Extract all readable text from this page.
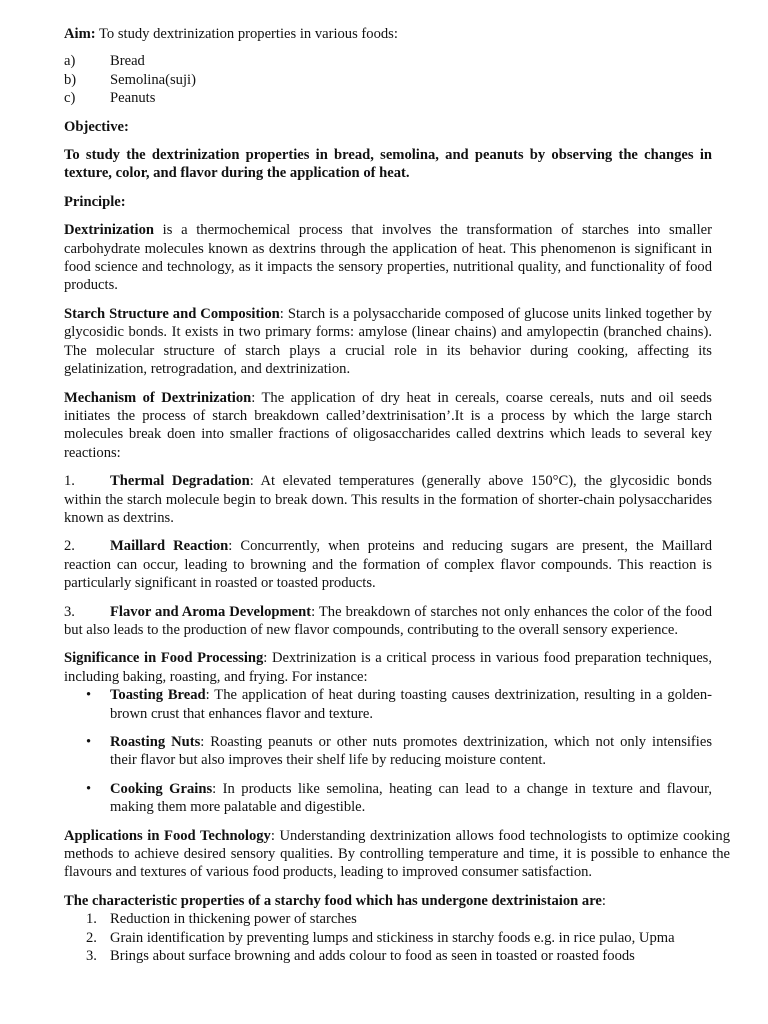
Aim: To study dextrinization properties in various foods:

a)	Bread
b)	Semolina(suji)
c)	Peanuts

Objective:

To study the dextrinization properties in bread, semolina, and peanuts by observing the changes in texture, color, and flavor during the application of heat.

Principle:

Dextrinization is a thermochemical process that involves the transformation of starches into smaller carbohydrate molecules known as dextrins through the application of heat. This phenomenon is significant in food science and technology, as it impacts the sensory properties, nutritional quality, and functionality of food products.

Starch Structure and Composition: Starch is a polysaccharide composed of glucose units linked together by glycosidic bonds. It exists in two primary forms: amylose (linear chains) and amylopectin (branched chains). The molecular structure of starch plays a crucial role in its behavior during cooking, affecting its gelatinization, retrogradation, and dextrinization.

Mechanism of Dextrinization: The application of dry heat in cereals, coarse cereals, nuts and oil seeds initiates the process of starch breakdown called’dextrinisation’.It is a process by which the large starch molecules break doen into smaller fractions of oligosaccharides called dextrins which leads to several key reactions:

1. Thermal Degradation: At elevated temperatures (generally above 150°C), the glycosidic bonds within the starch molecule begin to break down. This results in the formation of shorter-chain polysaccharides known as dextrins.

2. Maillard Reaction: Concurrently, when proteins and reducing sugars are present, the Maillard reaction can occur, leading to browning and the formation of complex flavor compounds. This reaction is particularly significant in roasted or toasted products.

3. Flavor and Aroma Development: The breakdown of starches not only enhances the color of the food but also leads to the production of new flavor compounds, contributing to the overall sensory experience.

Significance in Food Processing: Dextrinization is a critical process in various food preparation techniques, including baking, roasting, and frying. For instance:

• Toasting Bread: The application of heat during toasting causes dextrinization, resulting in a golden-brown crust that enhances flavor and texture.
• Roasting Nuts: Roasting peanuts or other nuts promotes dextrinization, which not only intensifies their flavor but also improves their shelf life by reducing moisture content.
• Cooking Grains: In products like semolina, heating can lead to a change in texture and flavour, making them more palatable and digestible.

Applications in Food Technology: Understanding dextrinization allows food technologists to optimize cooking methods to achieve desired sensory qualities. By controlling temperature and time, it is possible to enhance the flavours and textures of various food products, leading to improved consumer satisfaction.

The characteristic properties of a starchy food which has undergone dextrinistaion are:

1. Reduction in thickening power of starches
2. Grain identification by preventing lumps and stickiness in starchy foods e.g. in rice pulao, Upma
3. Brings about surface browning and adds colour to food as seen in toasted or roasted foods
